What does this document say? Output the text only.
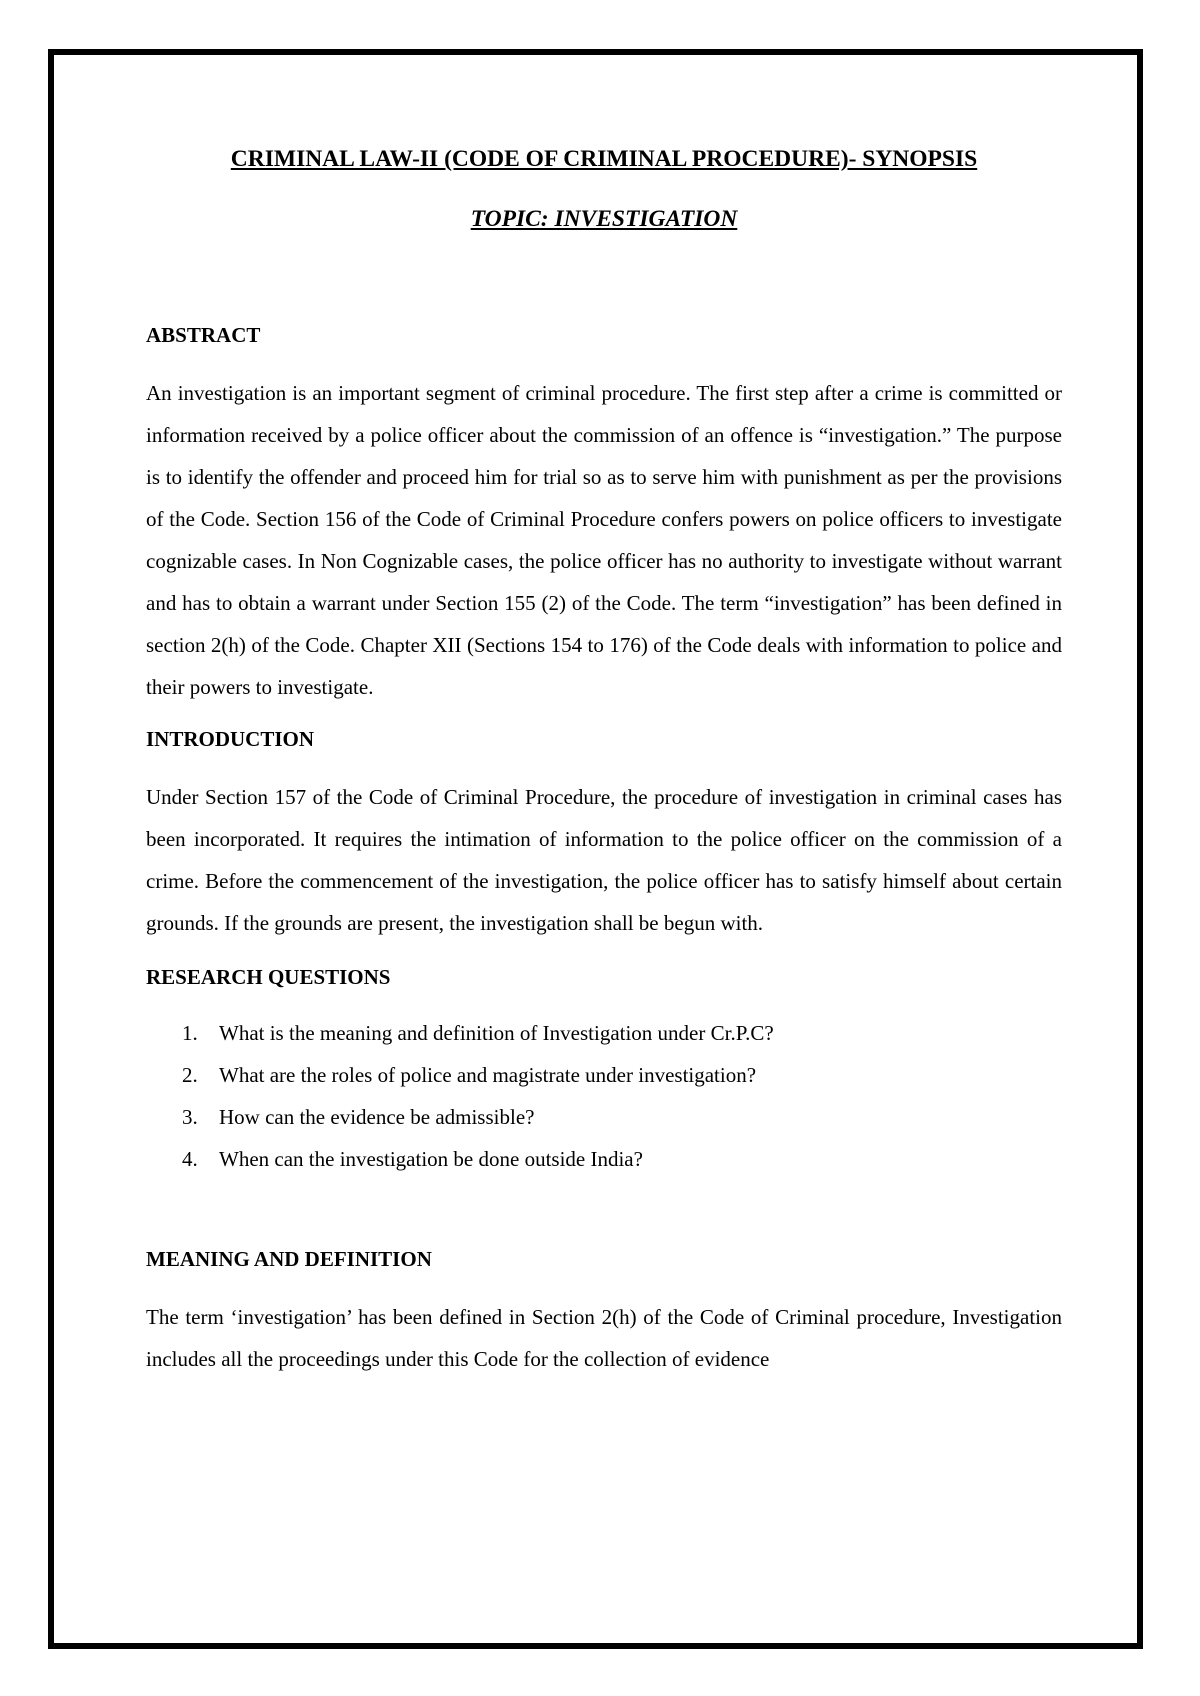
CRIMINAL LAW-II (CODE OF CRIMINAL PROCEDURE)- SYNOPSIS

TOPIC: INVESTIGATION

ABSTRACT

An investigation is an important segment of criminal procedure. The first step after a crime is committed or information received by a police officer about the commission of an offence is “investigation.” The purpose is to identify the offender and proceed him for trial so as to serve him with punishment as per the provisions of the Code. Section 156 of the Code of Criminal Procedure confers powers on police officers to investigate cognizable cases. In Non Cognizable cases, the police officer has no authority to investigate without warrant and has to obtain a warrant under Section 155 (2) of the Code. The term “investigation” has been defined in section 2(h) of the Code. Chapter XII (Sections 154 to 176) of the Code deals with information to police and their powers to investigate.

INTRODUCTION

Under Section 157 of the Code of Criminal Procedure, the procedure of investigation in criminal cases has been incorporated. It requires the intimation of information to the police officer on the commission of a crime. Before the commencement of the investigation, the police officer has to satisfy himself about certain grounds. If the grounds are present, the investigation shall be begun with.

RESEARCH QUESTIONS

1. What is the meaning and definition of Investigation under Cr.P.C?
2. What are the roles of police and magistrate under investigation?
3. How can the evidence be admissible?
4. When can the investigation be done outside India?

MEANING AND DEFINITION

The term ‘investigation’ has been defined in Section 2(h) of the Code of Criminal procedure, Investigation includes all the proceedings under this Code for the collection of evidence
